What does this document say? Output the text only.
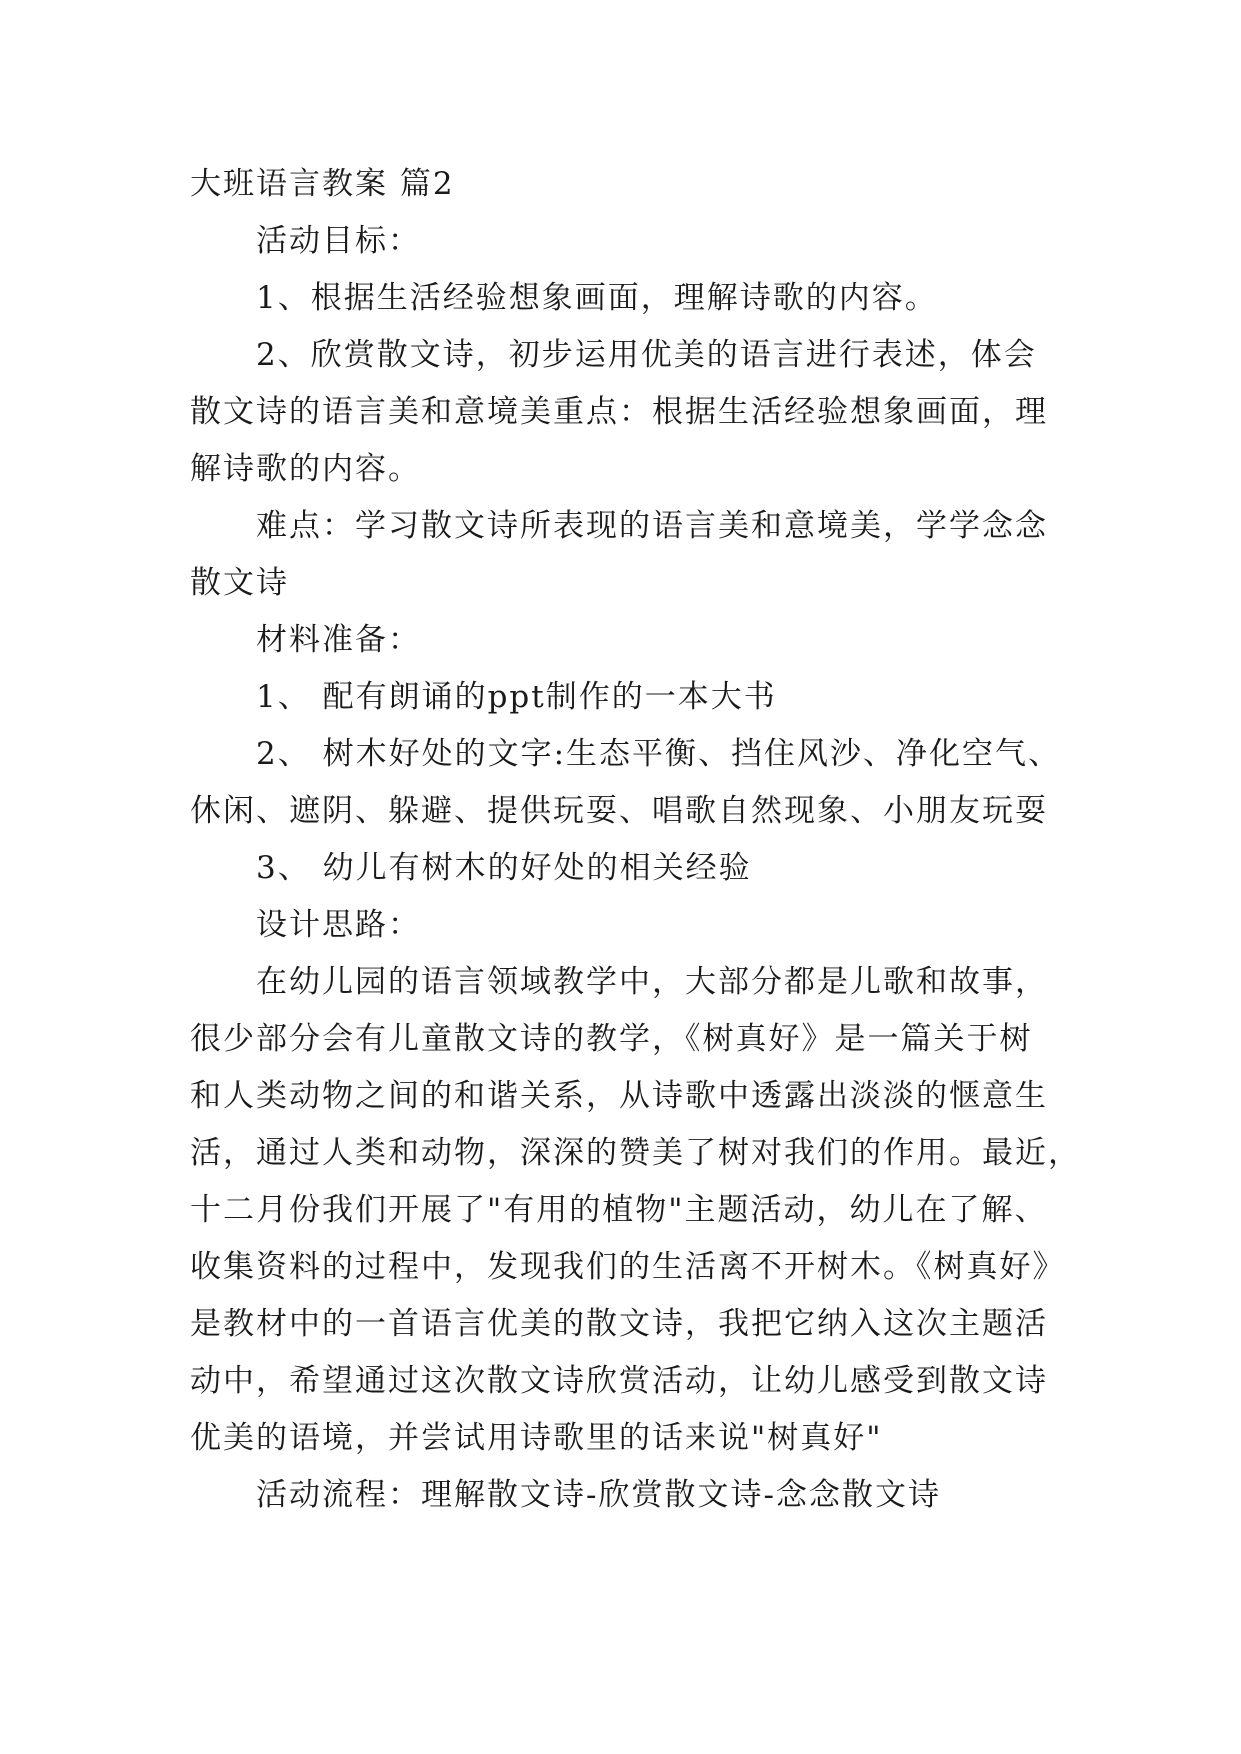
大班语言教案 篇2
活动目标：
1、根据生活经验想象画面，理解诗歌的内容。
2、欣赏散文诗，初步运用优美的语言进行表述，体会
散文诗的语言美和意境美重点：根据生活经验想象画面，理
解诗歌的内容。
难点：学习散文诗所表现的语言美和意境美，学学念念
散文诗
材料准备：
1、 配有朗诵的ppt制作的一本大书
2、 树木好处的文字:生态平衡、挡住风沙、净化空气、
休闲、遮阴、躲避、提供玩耍、唱歌自然现象、小朋友玩耍
3、 幼儿有树木的好处的相关经验
设计思路：
在幼儿园的语言领域教学中，大部分都是儿歌和故事，
很少部分会有儿童散文诗的教学，《树真好》是一篇关于树
和人类动物之间的和谐关系，从诗歌中透露出淡淡的惬意生
活，通过人类和动物，深深的赞美了树对我们的作用。最近，
十二月份我们开展了"有用的植物"主题活动，幼儿在了解、
收集资料的过程中，发现我们的生活离不开树木。《树真好》
是教材中的一首语言优美的散文诗，我把它纳入这次主题活
动中，希望通过这次散文诗欣赏活动，让幼儿感受到散文诗
优美的语境，并尝试用诗歌里的话来说"树真好"
活动流程：理解散文诗-欣赏散文诗-念念散文诗
